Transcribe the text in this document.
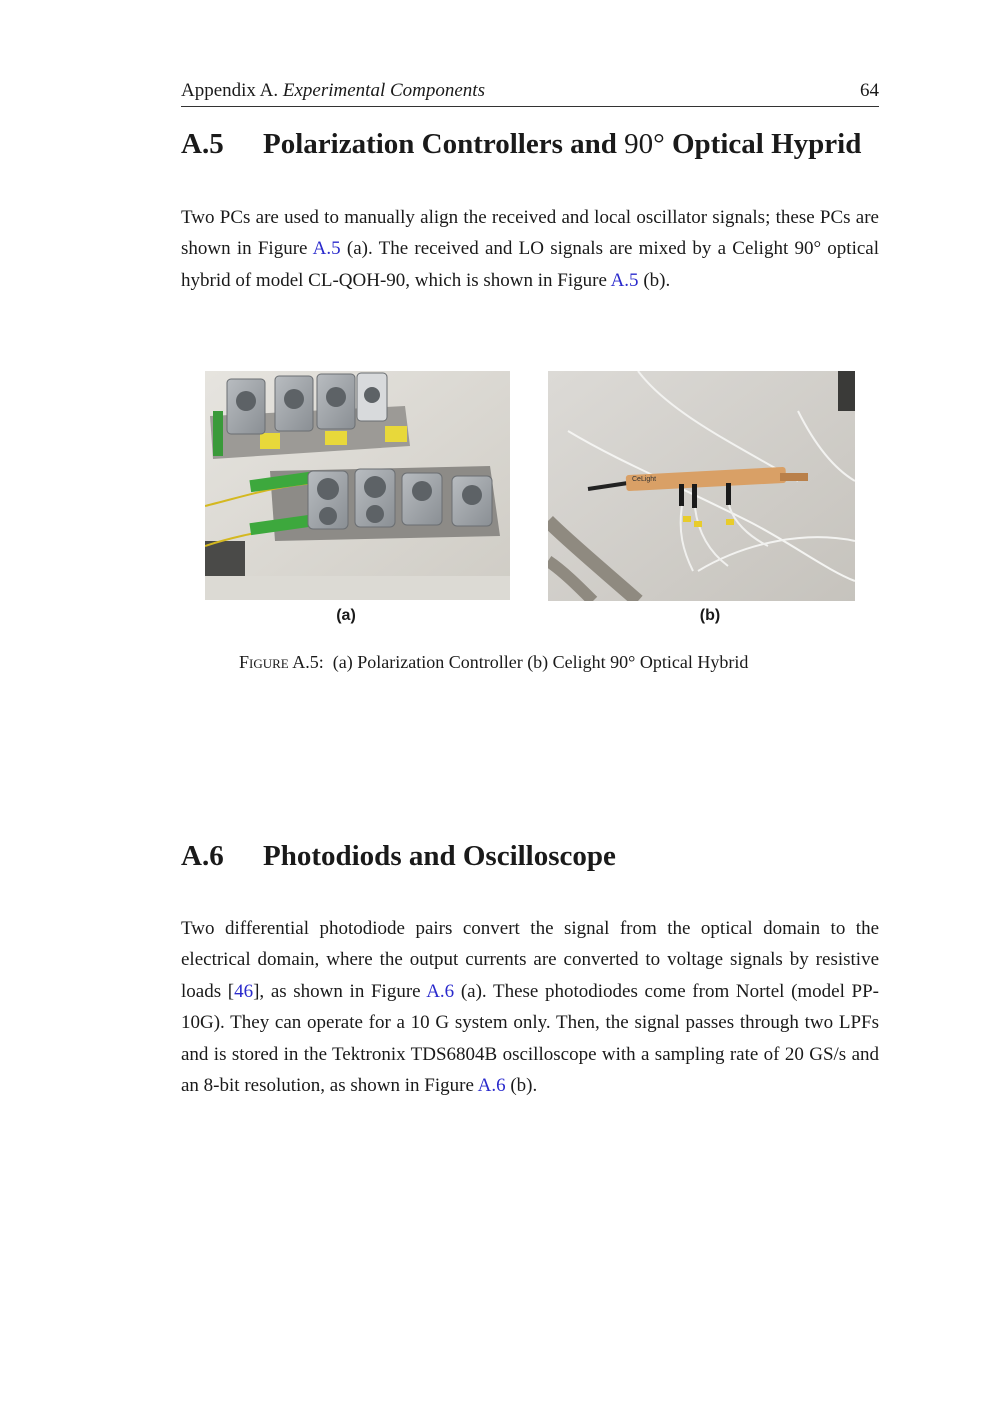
Appendix A. Experimental Components	64
A.5 Polarization Controllers and 90° Optical Hyprid

Two PCs are used to manually align the received and local oscillator signals; these PCs are shown in Figure A.5 (a). The received and LO signals are mixed by a Celight 90° optical hybrid of model CL-QOH-90, which is shown in Figure A.5 (b).

(a)
CeLight
(b)
Figure A.5: (a) Polarization Controller (b) Celight 90° Optical Hybrid
A.6 Photodiods and Oscilloscope

Two differential photodiode pairs convert the signal from the optical domain to the electrical domain, where the output currents are converted to voltage signals by resistive loads [46], as shown in Figure A.6 (a). These photodiodes come from Nortel (model PP-10G). They can operate for a 10 G system only. Then, the signal passes through two LPFs and is stored in the Tektronix TDS6804B oscilloscope with a sampling rate of 20 GS/s and an 8-bit resolution, as shown in Figure A.6 (b).
